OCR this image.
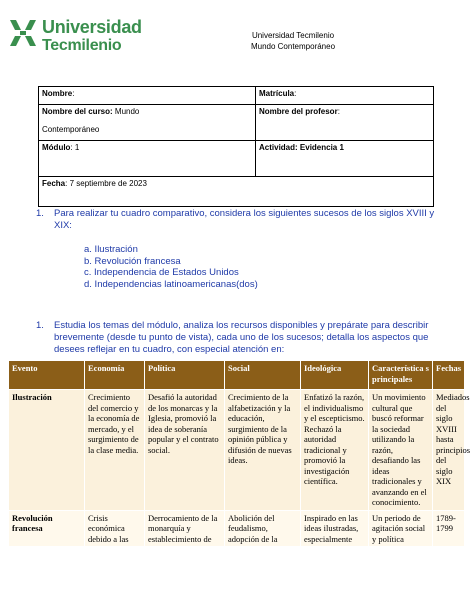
Universidad
Tecmilenio
Universidad Tecmilenio
Mundo Contemporáneo
Nombre:	Matrícula:
Nombre del curso: Mundo

Contemporáneo	Nombre del profesor:
Módulo: 1	Actividad: Evidencia 1
Fecha: 7 septiembre de 2023	
1. Para realizar tu cuadro comparativo, considera los siguientes sucesos de los siglos XVIII y XIX:
a. Ilustración
b. Revolución francesa
c. Independencia de Estados Unidos
d. Independencias latinoamericanas(dos)
1. Estudia los temas del módulo, analiza los recursos disponibles y prepárate para describir brevemente (desde tu punto de vista), cada uno de los sucesos; detalla los aspectos que desees reflejar en tu cuadro, con especial atención en:
Evento	Economía	Política	Social	Ideológica	Característica s principales	Fechas
Ilustración	Crecimiento del comercio y la economía de mercado, y el surgimiento de la clase media.	Desafió la autoridad de los monarcas y la Iglesia, promovió la idea de soberanía popular y el contrato social.	Crecimiento de la alfabetización y la educación, surgimiento de la opinión pública y difusión de nuevas ideas.	Enfatizó la razón, el individualismo y el escepticismo. Rechazó la autoridad tradicional y promovió la investigación científica.	Un movimiento cultural que buscó reformar la sociedad utilizando la razón, desafiando las ideas tradicionales y avanzando en el conocimiento.	Mediados del siglo XVIII hasta principios del siglo XIX
Revolución francesa	Crisis económica debido a las	Derrocamiento de la monarquía y establecimiento de	Abolición del feudalismo, adopción de la	Inspirado en las ideas ilustradas, especialmente	Un periodo de agitación social y política	1789-1799
